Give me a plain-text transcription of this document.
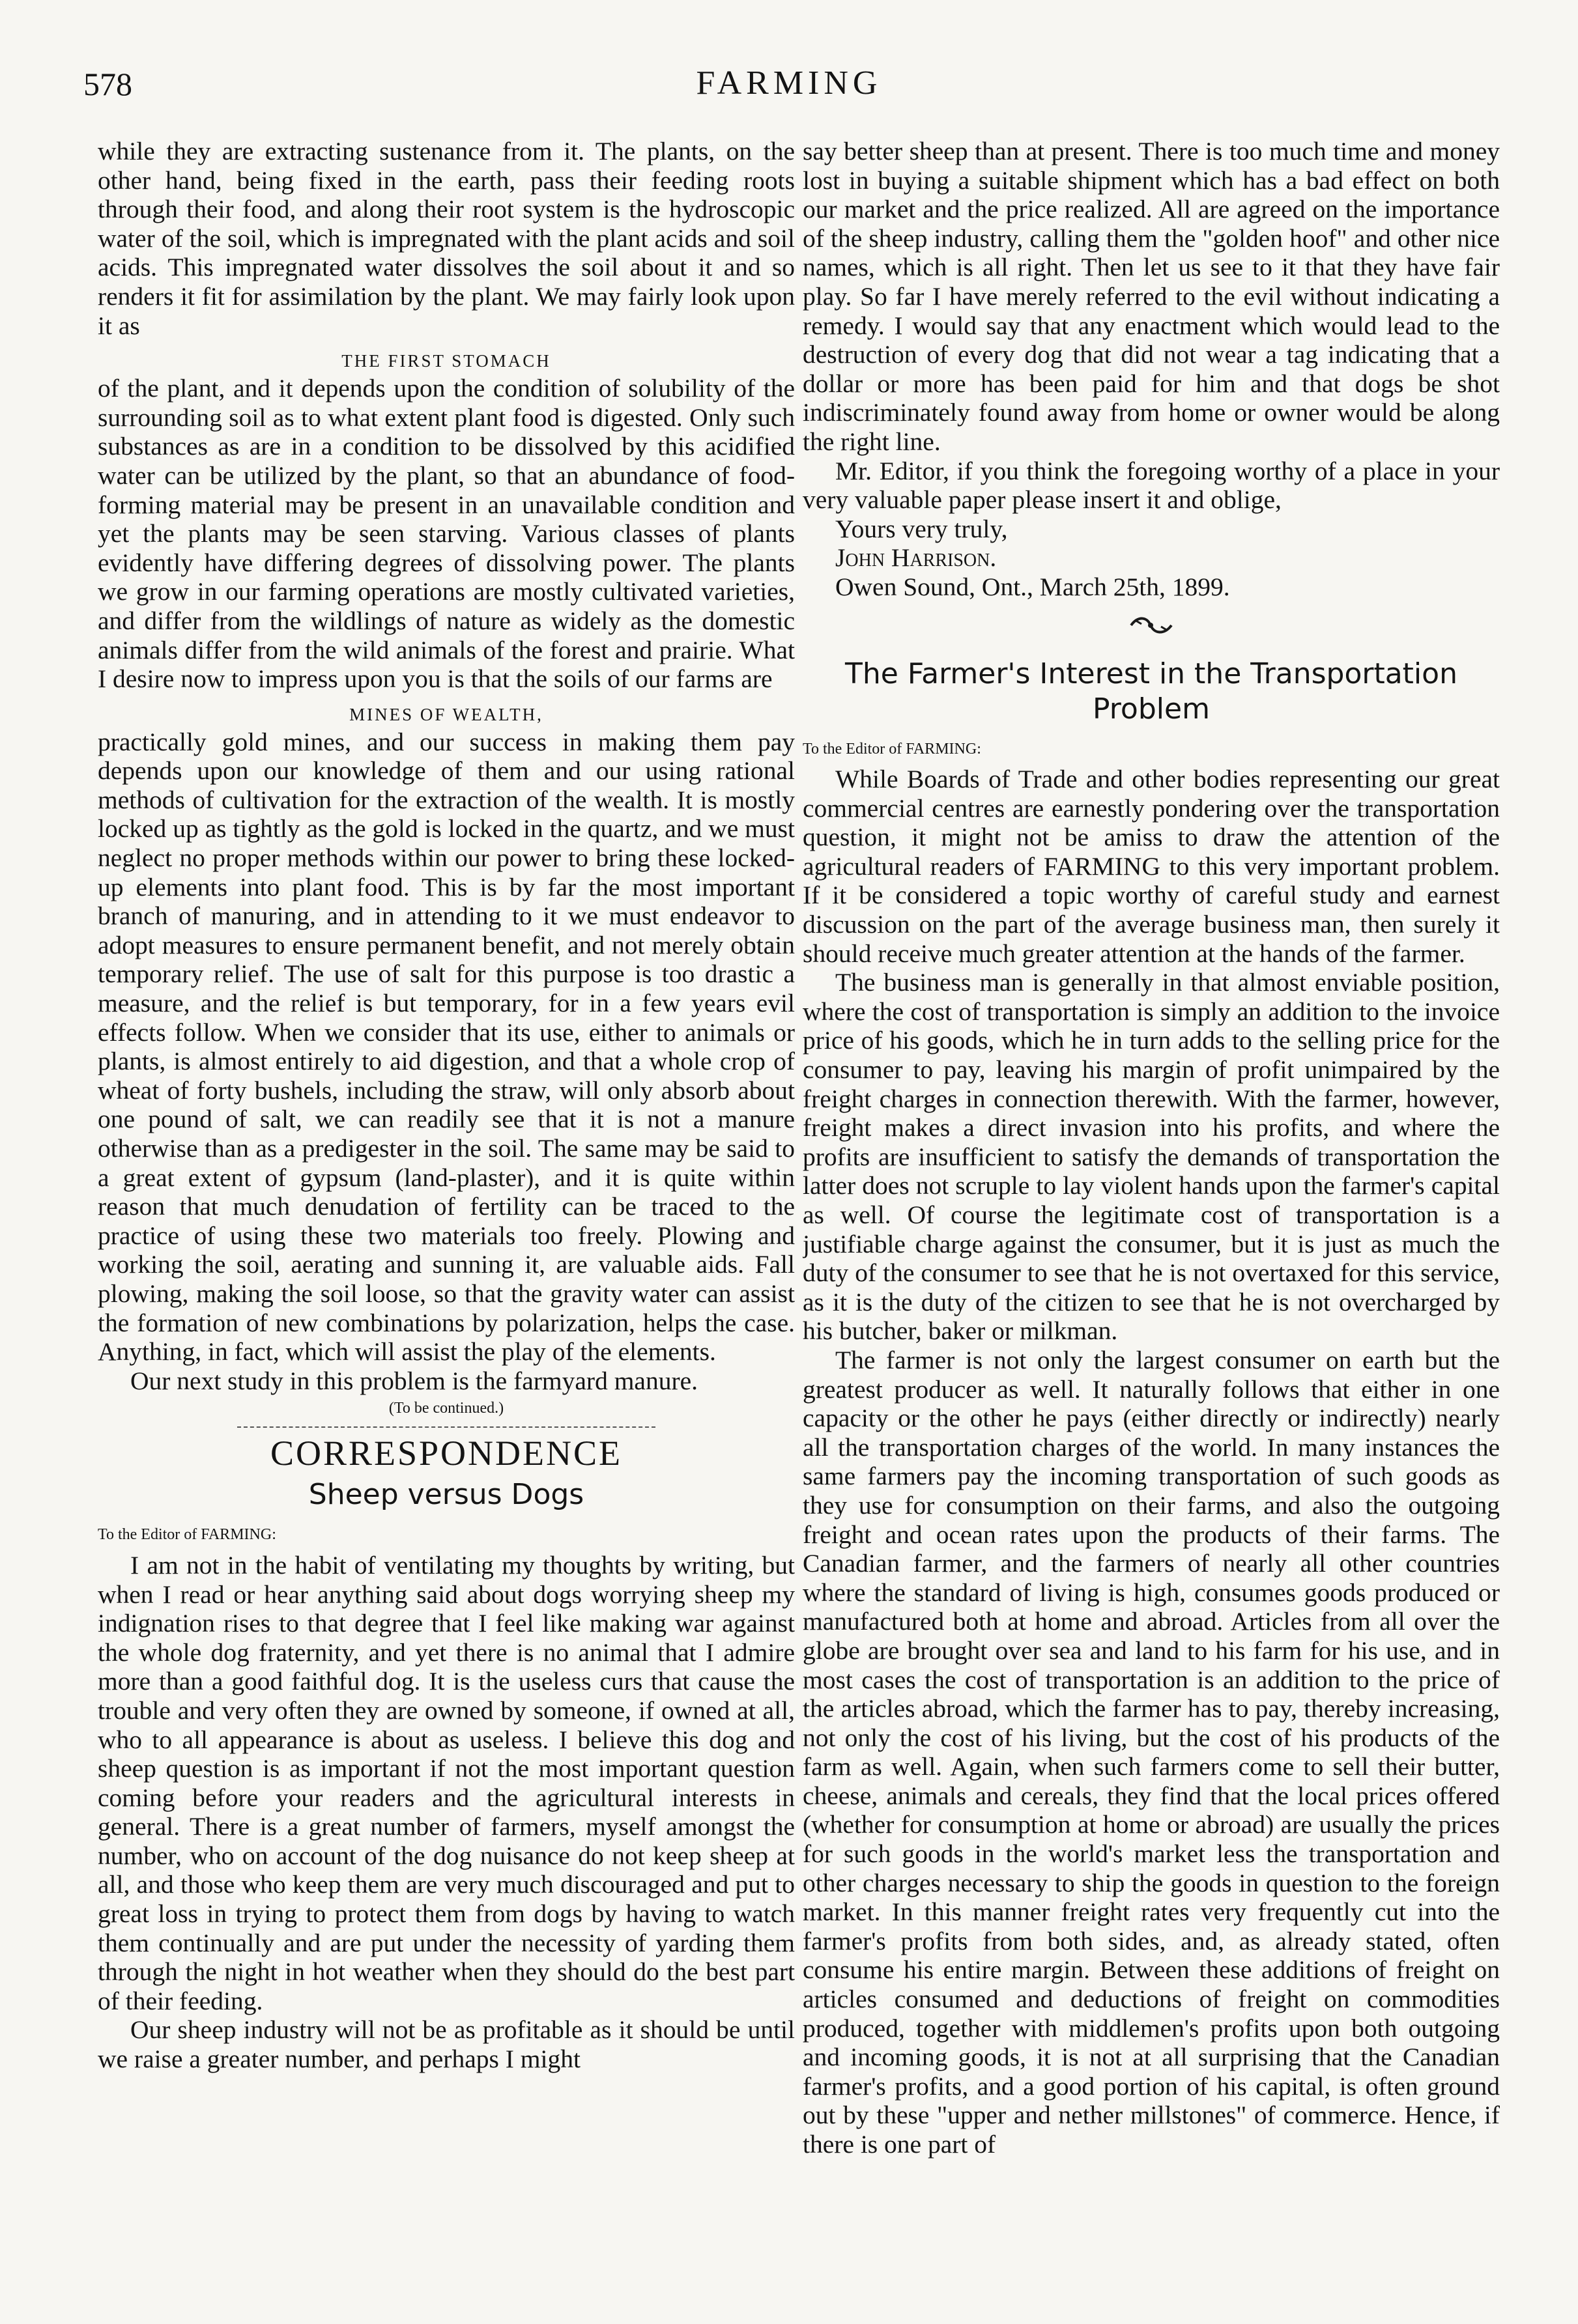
578	FARMING

while they are extracting sustenance from it. The plants, on the other hand, being fixed in the earth, pass their feeding roots through their food, and along their root system is the hydroscopic water of the soil, which is impregnated with the plant acids and soil acids. This impregnated water dissolves the soil about it and so renders it fit for assimilation by the plant. We may fairly look upon it as

THE FIRST STOMACH

of the plant, and it depends upon the condition of solubility of the surrounding soil as to what extent plant food is digested. Only such substances as are in a condition to be dissolved by this acidified water can be utilized by the plant, so that an abundance of food-forming material may be present in an unavailable condition and yet the plants may be seen starving. Various classes of plants evidently have differing degrees of dissolving power. The plants we grow in our farming operations are mostly cultivated varieties, and differ from the wildlings of nature as widely as the domestic animals differ from the wild animals of the forest and prairie. What I desire now to impress upon you is that the soils of our farms are

MINES OF WEALTH,

practically gold mines, and our success in making them pay depends upon our knowledge of them and our using rational methods of cultivation for the extraction of the wealth. It is mostly locked up as tightly as the gold is locked in the quartz, and we must neglect no proper methods within our power to bring these locked-up elements into plant food. This is by far the most important branch of manuring, and in attending to it we must endeavor to adopt measures to ensure permanent benefit, and not merely obtain temporary relief. The use of salt for this purpose is too drastic a measure, and the relief is but temporary, for in a few years evil effects follow. When we consider that its use, either to animals or plants, is almost entirely to aid digestion, and that a whole crop of wheat of forty bushels, including the straw, will only absorb about one pound of salt, we can readily see that it is not a manure otherwise than as a predigester in the soil. The same may be said to a great extent of gypsum (land-plaster), and it is quite within reason that much denudation of fertility can be traced to the practice of using these two materials too freely. Plowing and working the soil, aerating and sunning it, are valuable aids. Fall plowing, making the soil loose, so that the gravity water can assist the formation of new combinations by polarization, helps the case. Anything, in fact, which will assist the play of the elements.

Our next study in this problem is the farmyard manure.

(To be continued.)
CORRESPONDENCE
Sheep versus Dogs

To the Editor of FARMING:

I am not in the habit of ventilating my thoughts by writing, but when I read or hear anything said about dogs worrying sheep my indignation rises to that degree that I feel like making war against the whole dog fraternity, and yet there is no animal that I admire more than a good faithful dog. It is the useless curs that cause the trouble and very often they are owned by someone, if owned at all, who to all appearance is about as useless. I believe this dog and sheep question is as important if not the most important question coming before your readers and the agricultural interests in general. There is a great number of farmers, myself amongst the number, who on account of the dog nuisance do not keep sheep at all, and those who keep them are very much discouraged and put to great loss in trying to protect them from dogs by having to watch them continually and are put under the necessity of yarding them through the night in hot weather when they should do the best part of their feeding.

Our sheep industry will not be as profitable as it should be until we raise a greater number, and perhaps I might

say better sheep than at present. There is too much time and money lost in buying a suitable shipment which has a bad effect on both our market and the price realized. All are agreed on the importance of the sheep industry, calling them the "golden hoof" and other nice names, which is all right. Then let us see to it that they have fair play. So far I have merely referred to the evil without indicating a remedy. I would say that any enactment which would lead to the destruction of every dog that did not wear a tag indicating that a dollar or more has been paid for him and that dogs be shot indiscriminately found away from home or owner would be along the right line.

Mr. Editor, if you think the foregoing worthy of a place in your very valuable paper please insert it and oblige,

Yours very truly,

John Harrison.

Owen Sound, Ont., March 25th, 1899.

The Farmer's Interest in the Transportation Problem

To the Editor of FARMING:

While Boards of Trade and other bodies representing our great commercial centres are earnestly pondering over the transportation question, it might not be amiss to draw the attention of the agricultural readers of FARMING to this very important problem. If it be considered a topic worthy of careful study and earnest discussion on the part of the average business man, then surely it should receive much greater attention at the hands of the farmer.

The business man is generally in that almost enviable position, where the cost of transportation is simply an addition to the invoice price of his goods, which he in turn adds to the selling price for the consumer to pay, leaving his margin of profit unimpaired by the freight charges in connection therewith. With the farmer, however, freight makes a direct invasion into his profits, and where the profits are insufficient to satisfy the demands of transportation the latter does not scruple to lay violent hands upon the farmer's capital as well. Of course the legitimate cost of transportation is a justifiable charge against the consumer, but it is just as much the duty of the consumer to see that he is not overtaxed for this service, as it is the duty of the citizen to see that he is not overcharged by his butcher, baker or milkman.

The farmer is not only the largest consumer on earth but the greatest producer as well. It naturally follows that either in one capacity or the other he pays (either directly or indirectly) nearly all the transportation charges of the world. In many instances the same farmers pay the incoming transportation of such goods as they use for consumption on their farms, and also the outgoing freight and ocean rates upon the products of their farms. The Canadian farmer, and the farmers of nearly all other countries where the standard of living is high, consumes goods produced or manufactured both at home and abroad. Articles from all over the globe are brought over sea and land to his farm for his use, and in most cases the cost of transportation is an addition to the price of the articles abroad, which the farmer has to pay, thereby increasing, not only the cost of his living, but the cost of his products of the farm as well. Again, when such farmers come to sell their butter, cheese, animals and cereals, they find that the local prices offered (whether for consumption at home or abroad) are usually the prices for such goods in the world's market less the transportation and other charges necessary to ship the goods in question to the foreign market. In this manner freight rates very frequently cut into the farmer's profits from both sides, and, as already stated, often consume his entire margin. Between these additions of freight on articles consumed and deductions of freight on commodities produced, together with middlemen's profits upon both outgoing and incoming goods, it is not at all surprising that the Canadian farmer's profits, and a good portion of his capital, is often ground out by these "upper and nether millstones" of commerce. Hence, if there is one part of
